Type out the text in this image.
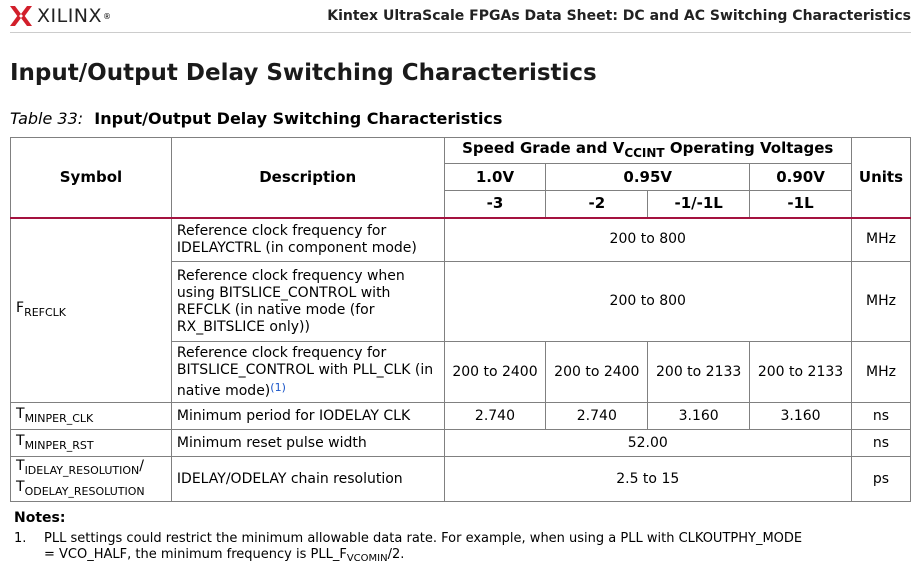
XILINX ®	Kintex UltraScale FPGAs Data Sheet: DC and AC Switching Characteristics
Input/Output Delay Switching Characteristics
Table 33: Input/Output Delay Switching Characteristics
Symbol	Description	Speed Grade and $V_{CCINT}$ Operating Voltages				Units
		1.0V	0.95V		0.90V	
		-3	-2	-1/-1L	-1L	
$F_{REFCLK}$	Reference clock frequency for IDELAYCTRL (in component mode)	200 to 800				MHz
	Reference clock frequency when using BITSLICE_CONTROL with REFCLK (in native mode (for RX_BITSLICE only))	200 to 800				MHz
	Reference clock frequency for BITSLICE_CONTROL with PLL_CLK (in native mode)$^{(1)}$	200 to 2400	200 to 2400	200 to 2133	200 to 2133	MHz
$T_{MINPER\_CLK}$	Minimum period for IODELAY CLK	2.740	2.740	3.160	3.160	ns
$T_{MINPER\_RST}$	Minimum reset pulse width	52.00				ns
$T_{IDELAY\_RESOLUTION}/$
$T_{ODELAY\_RESOLUTION}$	IDELAY/ODELAY chain resolution	2.5 to 15				ps
Notes:
1.	PLL settings could restrict the minimum allowable data rate. For example, when using a PLL with CLKOUTPHY_MODE = VCO_HALF, the minimum frequency is $PLL\_F_{VCOMIN}/2$.
